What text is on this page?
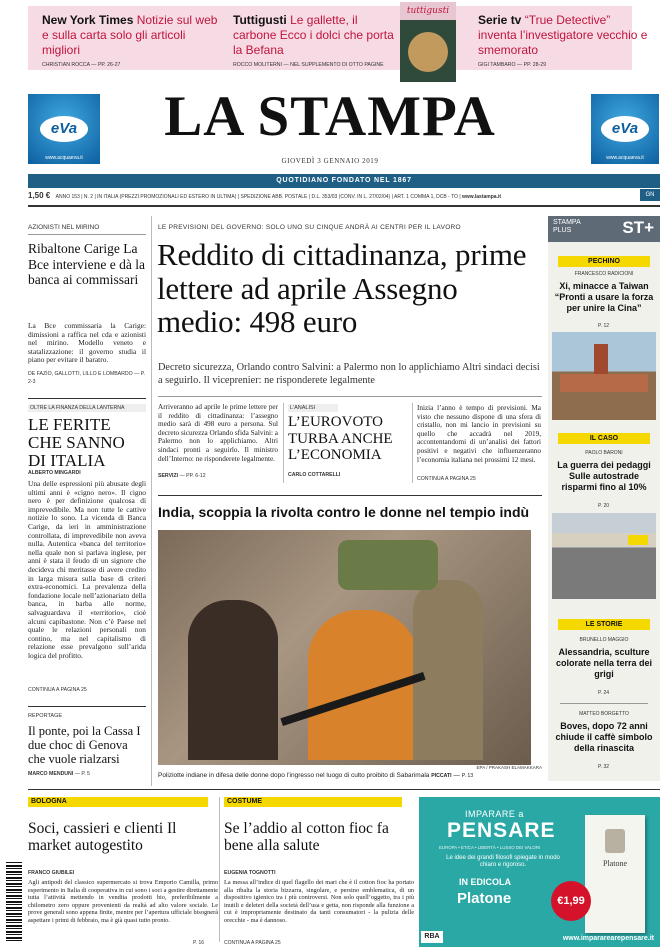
New York Times Notizie sul web e sulla carta solo gli articoli migliori
CHRISTIAN ROCCA — PP. 26-27
Tuttigusti Le gallette, il carbone Ecco i dolci che porta la Befana
ROCCO MOLITERNI — NEL SUPPLEMENTO DI OTTO PAGINE
tuttigusti
Serie tv “True Detective” inventa l’investigatore vecchio e smemorato
GIGI TAMBARO — PP. 28-29
eVa
www.acquaeva.it
LA STAMPA
GIOVEDÌ 3 GENNAIO 2019
eVa
www.acquaeva.it
QUOTIDIANO FONDATO NEL 1867
1,50 € ANNO 153 | N. 2 | IN ITALIA (PREZZI PROMOZIONALI ED ESTERO IN ULTIMA) | SPEDIZIONE ABB. POSTALE | D.L. 353/03 (CONV. IN L. 27/02/04) | ART. 1 COMMA 1, DCB - TO | www.lastampa.it	GN
AZIONISTI NEL MIRINO
Ribaltone Carige La Bce interviene e dà la banca ai commissari
La Bce commissaria la Carige: dimissioni a raffica nel cda e azionisti nel mirino. Modello veneto e statalizzazione: il governo studia il piano per evitare il baratro.
DE FAZIO, GALLOTTI, LILLO E LOMBARDO — P. 2-3
OLTRE LA FINANZA DELLA LANTERNA
LE FERITE CHE SANNO DI ITALIA
ALBERTO MINGARDI
Una delle espressioni più abusate degli ultimi anni è «cigno nero». Il cigno nero è per definizione qualcosa di imprevedibile. Ma non tutte le cattive notizie lo sono. La vicenda di Banca Carige, da ieri in amministrazione controllata, di imprevedibile non aveva nulla. Autentica «banca del territorio» nella quale non si parlava inglese, per anni è stata il feudo di un signore che decideva chi meritasse di avere credito in larga misura sulla base di criteri extra-economici. La prevalenza della fondazione locale nell’azionariato della banca, in barba alle norme, salvaguardava il «territorio», cioè alcuni capibastone. Non c’è Paese nel quale le relazioni personali non contino, ma nel capitalismo di relazione esse prevalgono sull’arida logica del profitto.
CONTINUA A PAGINA 25
REPORTAGE
Il ponte, poi la Cassa I due choc di Genova che vuole rialzarsi
MARCO MENDUNI — P. 5
LE PREVISIONI DEL GOVERNO: SOLO UNO SU CINQUE ANDRÀ AI CENTRI PER IL LAVORO
Reddito di cittadinanza, prime lettere ad aprile Assegno medio: 498 euro
Decreto sicurezza, Orlando contro Salvini: a Palermo non lo applichiamo Altri sindaci decisi a seguirlo. Il viceprenier: ne risponderete legalmente
Arriveranno ad aprile le prime lettere per il reddito di cittadinanza: l’assegno medio sarà di 498 euro a persona. Sul decreto sicurezza Orlando sfida Salvini: a Palermo non lo applichiamo. Altri sindaci pronti a seguirlo. Il ministro dell’Interno: ne risponderete legalmente.
SERVIZI — PP. 6-12
L'ANALISI
L’EUROVOTO TURBA ANCHE L’ECONOMIA
CARLO COTTARELLI
Inizia l’anno è tempo di previsioni. Ma visto che nessuno dispone di una sfera di cristallo, non mi lancio in previsioni su quello che accadrà nel 2019, accontentandomi di un’analisi dei fattori positivi e negativi che influenzeranno l’economia italiana nei prossimi 12 mesi.
CONTINUA A PAGINA 25
India, scoppia la rivolta contro le donne nel tempio indù
EPA / PRAKASH ELAMAKKARA
Poliziotte indiane in difesa delle donne dopo l’ingresso nel luogo di culto proibito di Sabarimala PICCATI — P. 13
STAMPA PLUS	ST+
PECHINO
FRANCESCO RADICIONI
Xi, minacce a Taiwan “Pronti a usare la forza per unire la Cina”
P. 12
IL CASO
PAOLO BARONI
La guerra dei pedaggi Sulle autostrade risparmi fino al 10%
P. 20
LE STORIE
BRUNELLO MAGGIO
Alessandria, sculture colorate nella terra dei grigi
P. 24
MATTEO BORGETTO
Boves, dopo 72 anni chiude il caffè simbolo della rinascita
P. 32
BOLOGNA
Soci, cassieri e clienti Il market autogestito
FRANCO GIUBILEI
Agli antipodi del classico supermercato si trova Emporio Camilla, primo esperimento in Italia di cooperativa in cui sono i soci a gestire direttamente tutta l’attività mettendo in vendita prodotti bio, preferibilmente a chilometro zero oppure provenienti da realtà ad alto valore sociale. Le prove generali sono appena finite, mentre per l’apertura ufficiale bisognerà aspettare i primi di febbraio, ma è già quasi tutto pronto.
P. 16
COSTUME
Se l’addio al cotton fioc fa bene alla salute
EUGENIA TOGNOTTI
La messa all’indice di quel flagello dei mari che è il cotton fioc ha portato alla ribalta la storia bizzarra, singolare, e persino emblematica, di un dispositivo igienico tra i più controversi. Non solo quell’oggetto, tra i più inutili e deleteri della società dell’usa e getta, non risponde alla funzione a cui è impropriamente destinato da tanti consumatori - la pulizia delle orecchie - ma è dannoso.
CONTINUA A PAGINA 25
IMPARARE a
PENSARE
EUROPA • ETICA • LIBERTÀ • LUSSO DEI VALORI
Le idee dei grandi filosofi spiegate in modo chiaro e rigoroso.
IN EDICOLA
Platone
Platone
€1,99
RBA	www.impararearepensare.it
